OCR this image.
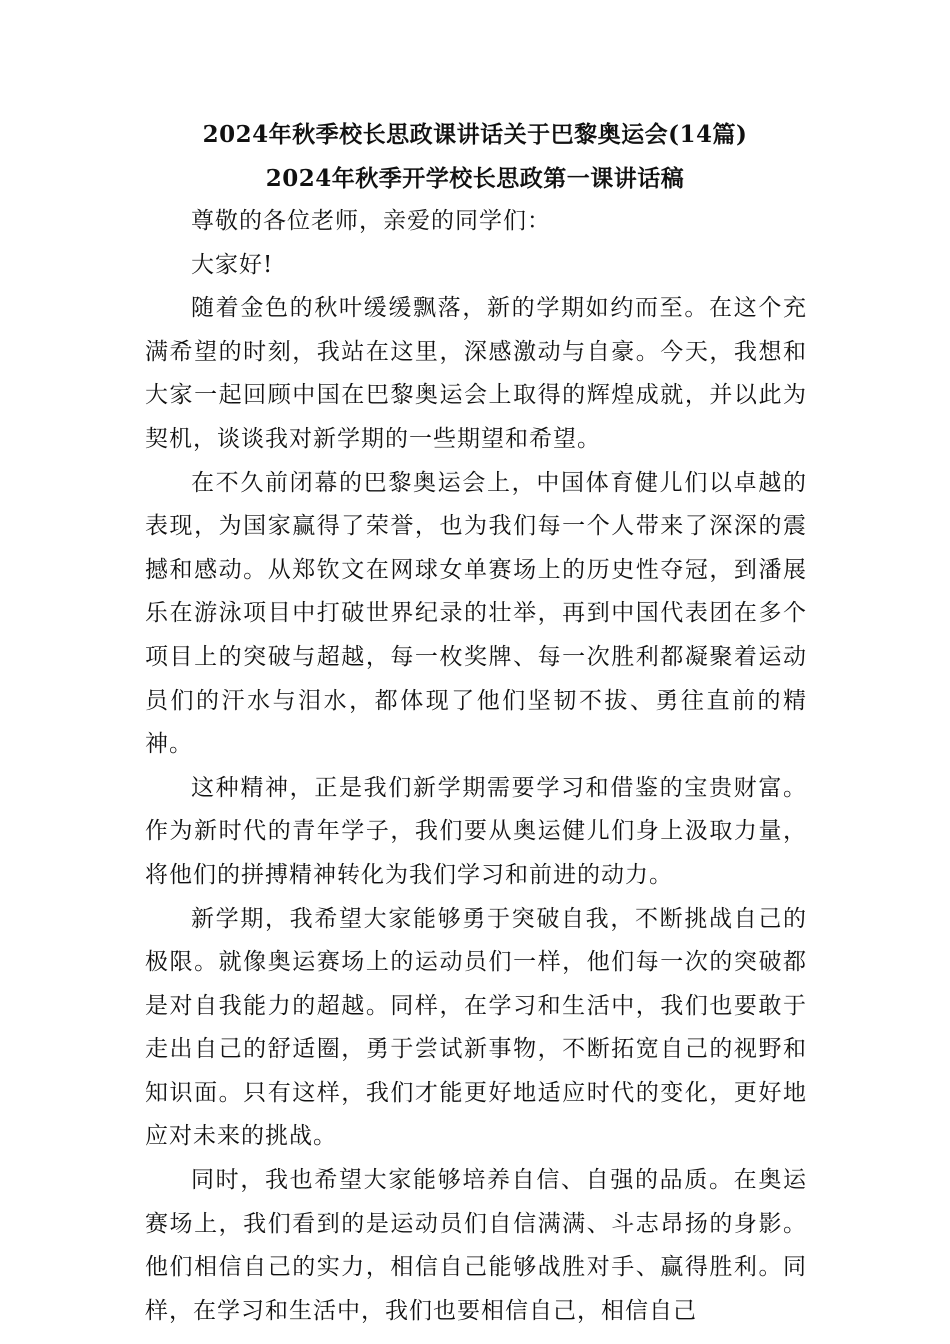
2024年秋季校长思政课讲话关于巴黎奥运会(14篇)
2024年秋季开学校长思政第一课讲话稿

尊敬的各位老师，亲爱的同学们：

大家好!

随着金色的秋叶缓缓飘落，新的学期如约而至。在这个充满希望的时刻，我站在这里，深感激动与自豪。今天，我想和大家一起回顾中国在巴黎奥运会上取得的辉煌成就，并以此为契机，谈谈我对新学期的一些期望和希望。

在不久前闭幕的巴黎奥运会上，中国体育健儿们以卓越的表现，为国家赢得了荣誉，也为我们每一个人带来了深深的震撼和感动。从郑钦文在网球女单赛场上的历史性夺冠，到潘展乐在游泳项目中打破世界纪录的壮举，再到中国代表团在多个项目上的突破与超越，每一枚奖牌、每一次胜利都凝聚着运动员们的汗水与泪水，都体现了他们坚韧不拔、勇往直前的精神。

这种精神，正是我们新学期需要学习和借鉴的宝贵财富。作为新时代的青年学子，我们要从奥运健儿们身上汲取力量，将他们的拼搏精神转化为我们学习和前进的动力。

新学期，我希望大家能够勇于突破自我，不断挑战自己的极限。就像奥运赛场上的运动员们一样，他们每一次的突破都是对自我能力的超越。同样，在学习和生活中，我们也要敢于走出自己的舒适圈，勇于尝试新事物，不断拓宽自己的视野和知识面。只有这样，我们才能更好地适应时代的变化，更好地应对未来的挑战。

同时，我也希望大家能够培养自信、自强的品质。在奥运赛场上，我们看到的是运动员们自信满满、斗志昂扬的身影。他们相信自己的实力，相信自己能够战胜对手、赢得胜利。同样，在学习和生活中，我们也要相信自己，相信自己
